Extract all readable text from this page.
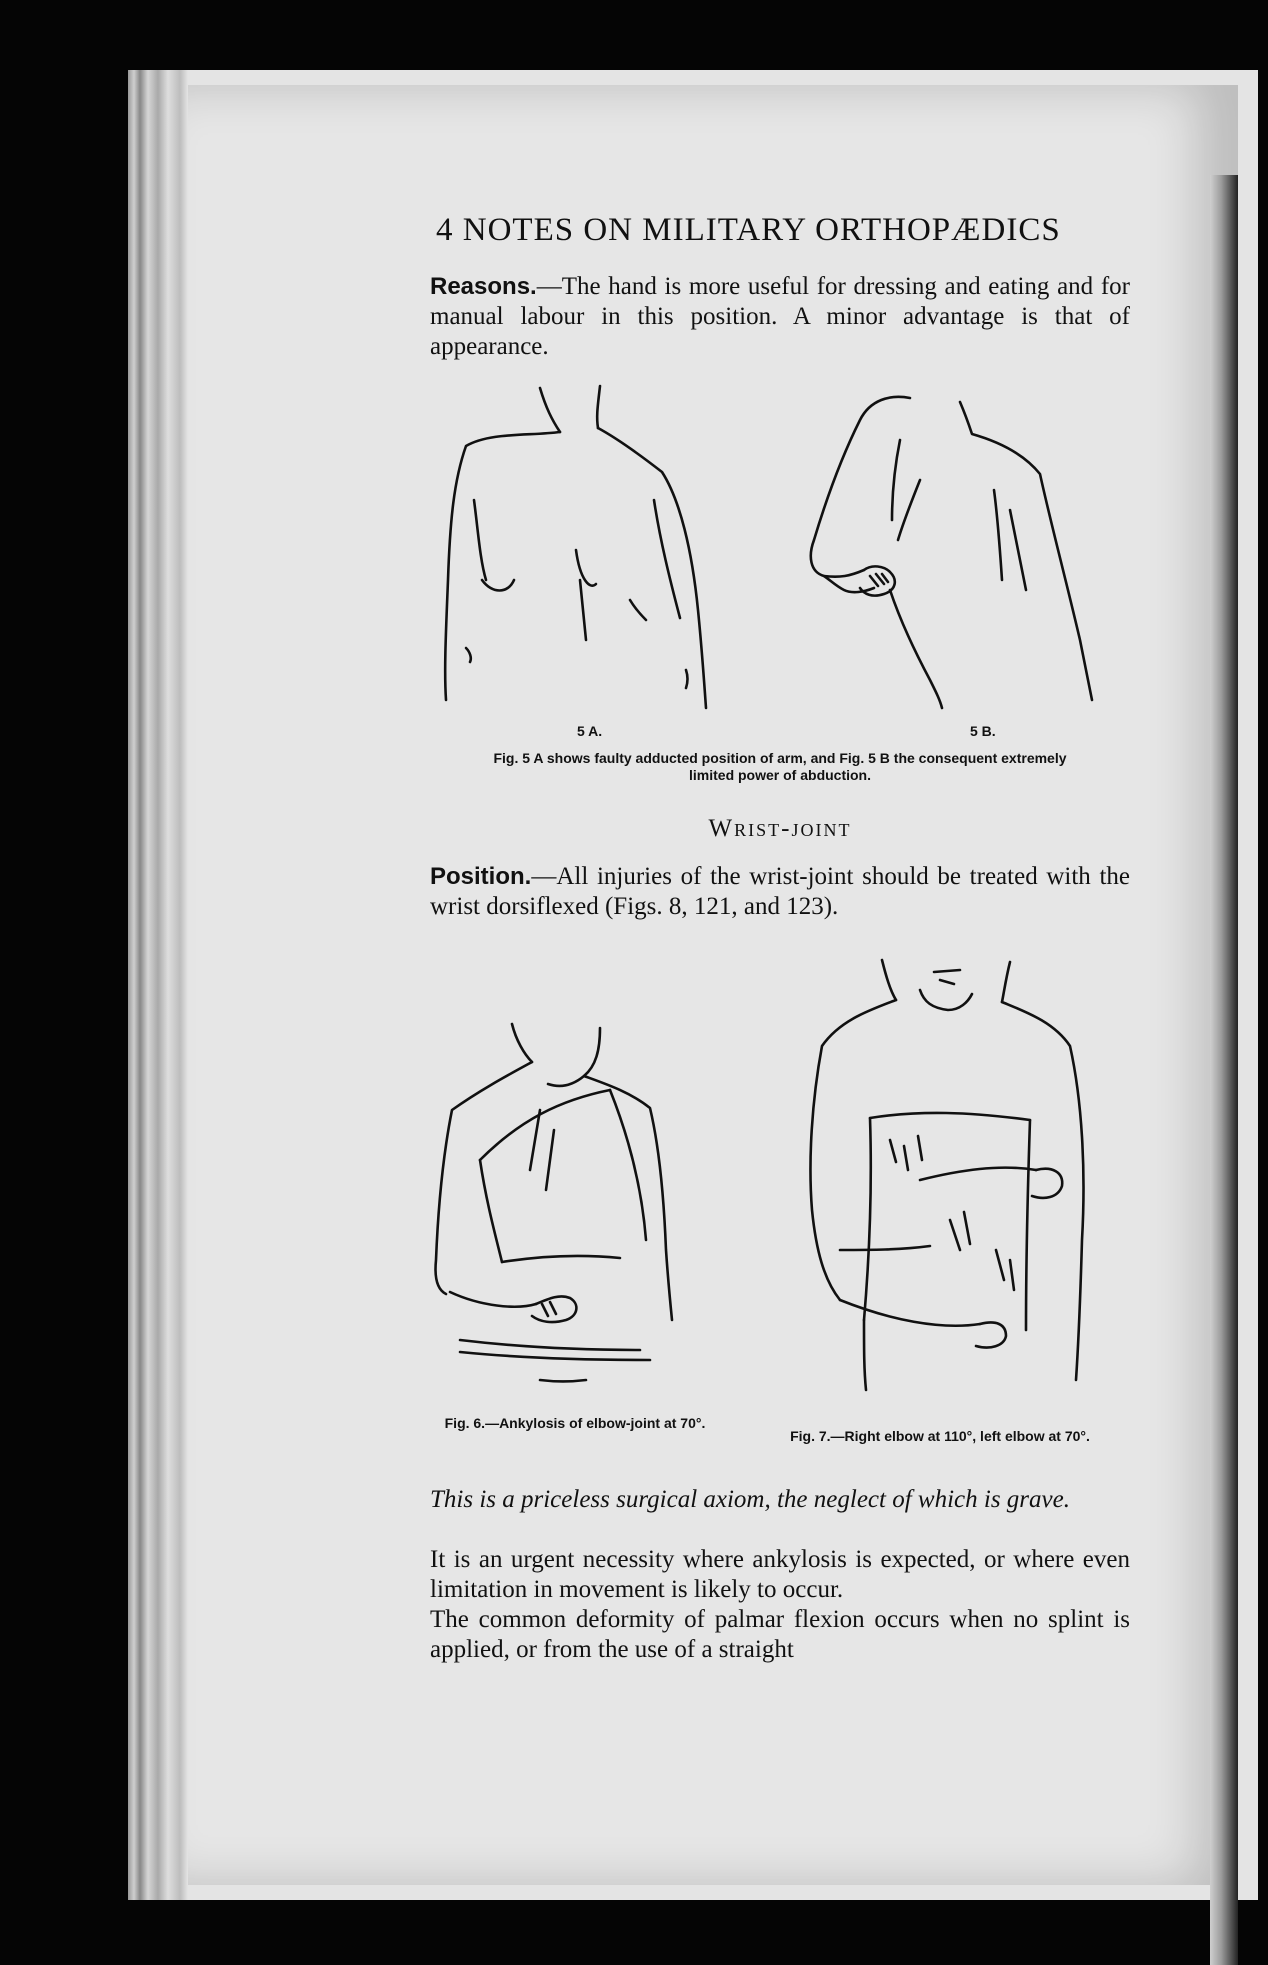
4 NOTES ON MILITARY ORTHOPÆDICS
Reasons.—The hand is more useful for dressing and eating and for manual labour in this position. A minor advantage is that of appearance.
5 A.	5 B.
Fig. 5 A shows faulty adducted position of arm, and Fig. 5 B the consequent extremely limited power of abduction.
Wrist-joint
Position.—All injuries of the wrist-joint should be treated with the wrist dorsiflexed (Figs. 8, 121, and 123).
Fig. 6.—Ankylosis of elbow-joint at 70°.
Fig. 7.—Right elbow at 110°, left elbow at 70°.
This is a priceless surgical axiom, the neglect of which is grave.
It is an urgent necessity where ankylosis is expected, or where even limitation in movement is likely to occur.
The common deformity of palmar flexion occurs when no splint is applied, or from the use of a straight
